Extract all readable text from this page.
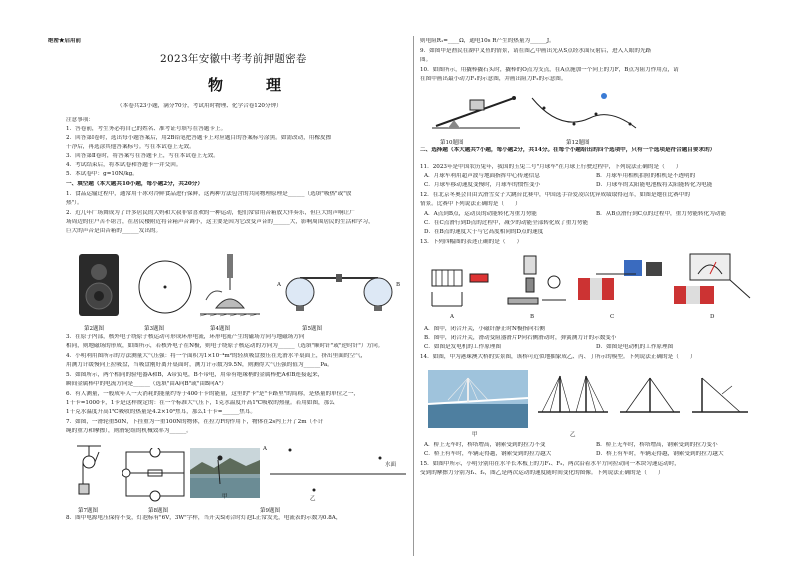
绝密★启用前
2023年安徽中考考前押题密卷
物　理
（本卷共23小题，满分70分，考试用时物理、化学合卷120分钟）
注意事项：
1．答卷前，考生务必将自己的姓名、准考证号填写在答题卡上。
2．回答第Ⅰ卷时，选出每小题答案后，用2B铅笔把答题卡上对应题目的答案标号涂黑。如需改动，用橡皮擦
干净后，再选涂其他答案标号。写在本试卷上无效。
3．回答第Ⅱ卷时，将答案写在答题卡上，写在本试卷上无效。
4．考试结束后，将本试卷和答题卡一并交回。
5．本试卷中：g=10N/kg。
一、填空题（本大题共10小题，每小题2分，共20分）
1．食品运输过程中，通常用干冰对冷鲜食品进行保鲜，这两种方法包含的共同物理原理是______（选填"吸热"或"放
热"）。
2．近几年广场舞成为了许多居民的大妈和大叔非常喜欢的一种运动，他们常常用音箱放大伴奏乐，但巨大的声响让广
场周边的住户苦不堪言，在居民楼附近将音箱声音调小，这主要是因为它改变声音的______大，影响周围居民的生活和学习，
巨大的声音是由音箱的______发出的。
A	B
第2题图	第3题图	第4题图	第5题图
3．在原子内部，核外电子绕原子核运动可形成环形电流，环形电流产生的磁场方向与地磁场方向
相同，则地磁场的形成，如图所示，若核外电子在N极，则电子绕原子核运动的方向为______（选填"顺时针"或"逆时针"）方向。
4．小明利用图所示的方法测量大气压强：将一个面积为1×10⁻⁴m²的轻质吸盘按压在光滑水平桌面上，挤出里面的空气，
用测力计缓慢向上拉吸盘，当吸盘刚好离开桌面时，测力计示数为9.5N，则测得大气压强的值为______Pa。
5．如图所示，两个相同的验电器A和B，A带负电，B不带电，用带有绝缘柄的金属棒把A和B连接起来，
瞬间金属棒中的电流方向是______（选填"由A向B"或"由B向A"）
6．有人测量，一般成年人一天消耗的能量约等于400千卡的能量，这里的"卡"是"卡路里"的简称，是热量的单位之一，
1千卡=1000卡，1卡是这样规定的：在一个标准大气压下，1克水温度升高1℃吸收的热量。若用如图，那么
1千克水温度升高1℃吸收的热量是4.2×10³焦耳，那么1千卡=______焦耳。
7．如图，一滑轮重50N，下挂重为一重100N的物体，在拉力F的作用下，物体在2s内上升了2m（不计
绳的重力和摩擦），则滑轮组的机械效率为______。
甲
A
水面
乙
第7题图	第8题图	第9题图
8．图中电源电压保持不变，灯泡标有"6V，3W"字样，当开关S闭合时灯泡L正常发光，电流表的示数为0.8A，
则电阻R₁=____Ω，通电10s R产生的热量为______J。
9．如图甲是渔民在湖中叉鱼的情景，请在图乙中画出光从S点经水面反射后，进入人眼的光路
图。
10．如图所示，用撬棒撬石头时，撬棒的O点为支点，在A点施加一个向上的力F，B点为阻力作用点，请
在图中画出最小动力F₁的示意图，并画出阻力F₂的示意图。
第10题图	第12题图
二、选择题（本大题共7小题，每小题2分，共14分。在每个小题给出的四个选项中，只有一个选项是符合题目要求的）
11．2023年是中国农历兔年，我国的玉兔二号"月球车"在月球上行驶过程中，下列说法正确的是（　　）
A．月球车利用超声波与地面指挥中心传递信息	B．月球车用相机拍照的相机是不透明的
C．月球车移动速度变慢时，月球车的惯性变小	D．月球车的太阳能电池板将太阳能转化为电能
12．在北京冬奥会自由式滑雪女子大跳台比赛中，中国选手谷爱凌以优异成绩取得冠军，如图是她在比赛中的
情景。比赛中下列说法正确的是（　　）
A．A点到B点，运动员的动能转化为重力势能	B．从B点滑行到C点的过程中，重力势能转化为动能
C．在C点滑行到D点的过程中，减少的动能全部转化成了重力势能
D．在B点的速度大于与它高度相同的D点的速度
13．下列四幅图的表述正确的是（　　）
A	B	C	D
A．图中，闭合开关，小磁针静止时N极指向右侧
B．图中，闭合开关，滑动变阻器滑片P向右侧滑动时，弹簧测力计的示数变小
C．如图是发电机的工作原理图	D．如图是电动机的工作原理图
14．如图，甲为港珠澳大桥的实景图，该桥可近似地抽象成乙、丙、丁所示的模型。下列说法正确的是（　　）
甲	乙
A．桥上无车时，桥塔增高，钢索受到的拉力不变	B．桥上无车时，桥塔增高，钢索受到的拉力变小
C．桥上有车时，车辆走得越，钢索受到的拉力越大	D．桥上有车时，车辆走得越，钢索受到的拉力越大
15．如图甲所示，小明分别用在水平长木板上的力F₁、F₂，两次沿着水平方向拉动同一木块匀速运动时，
受到的摩擦力分别为f₁、f₂，图乙是两次运动的速度随时间变化的图像。下列说法正确的是（　　）
